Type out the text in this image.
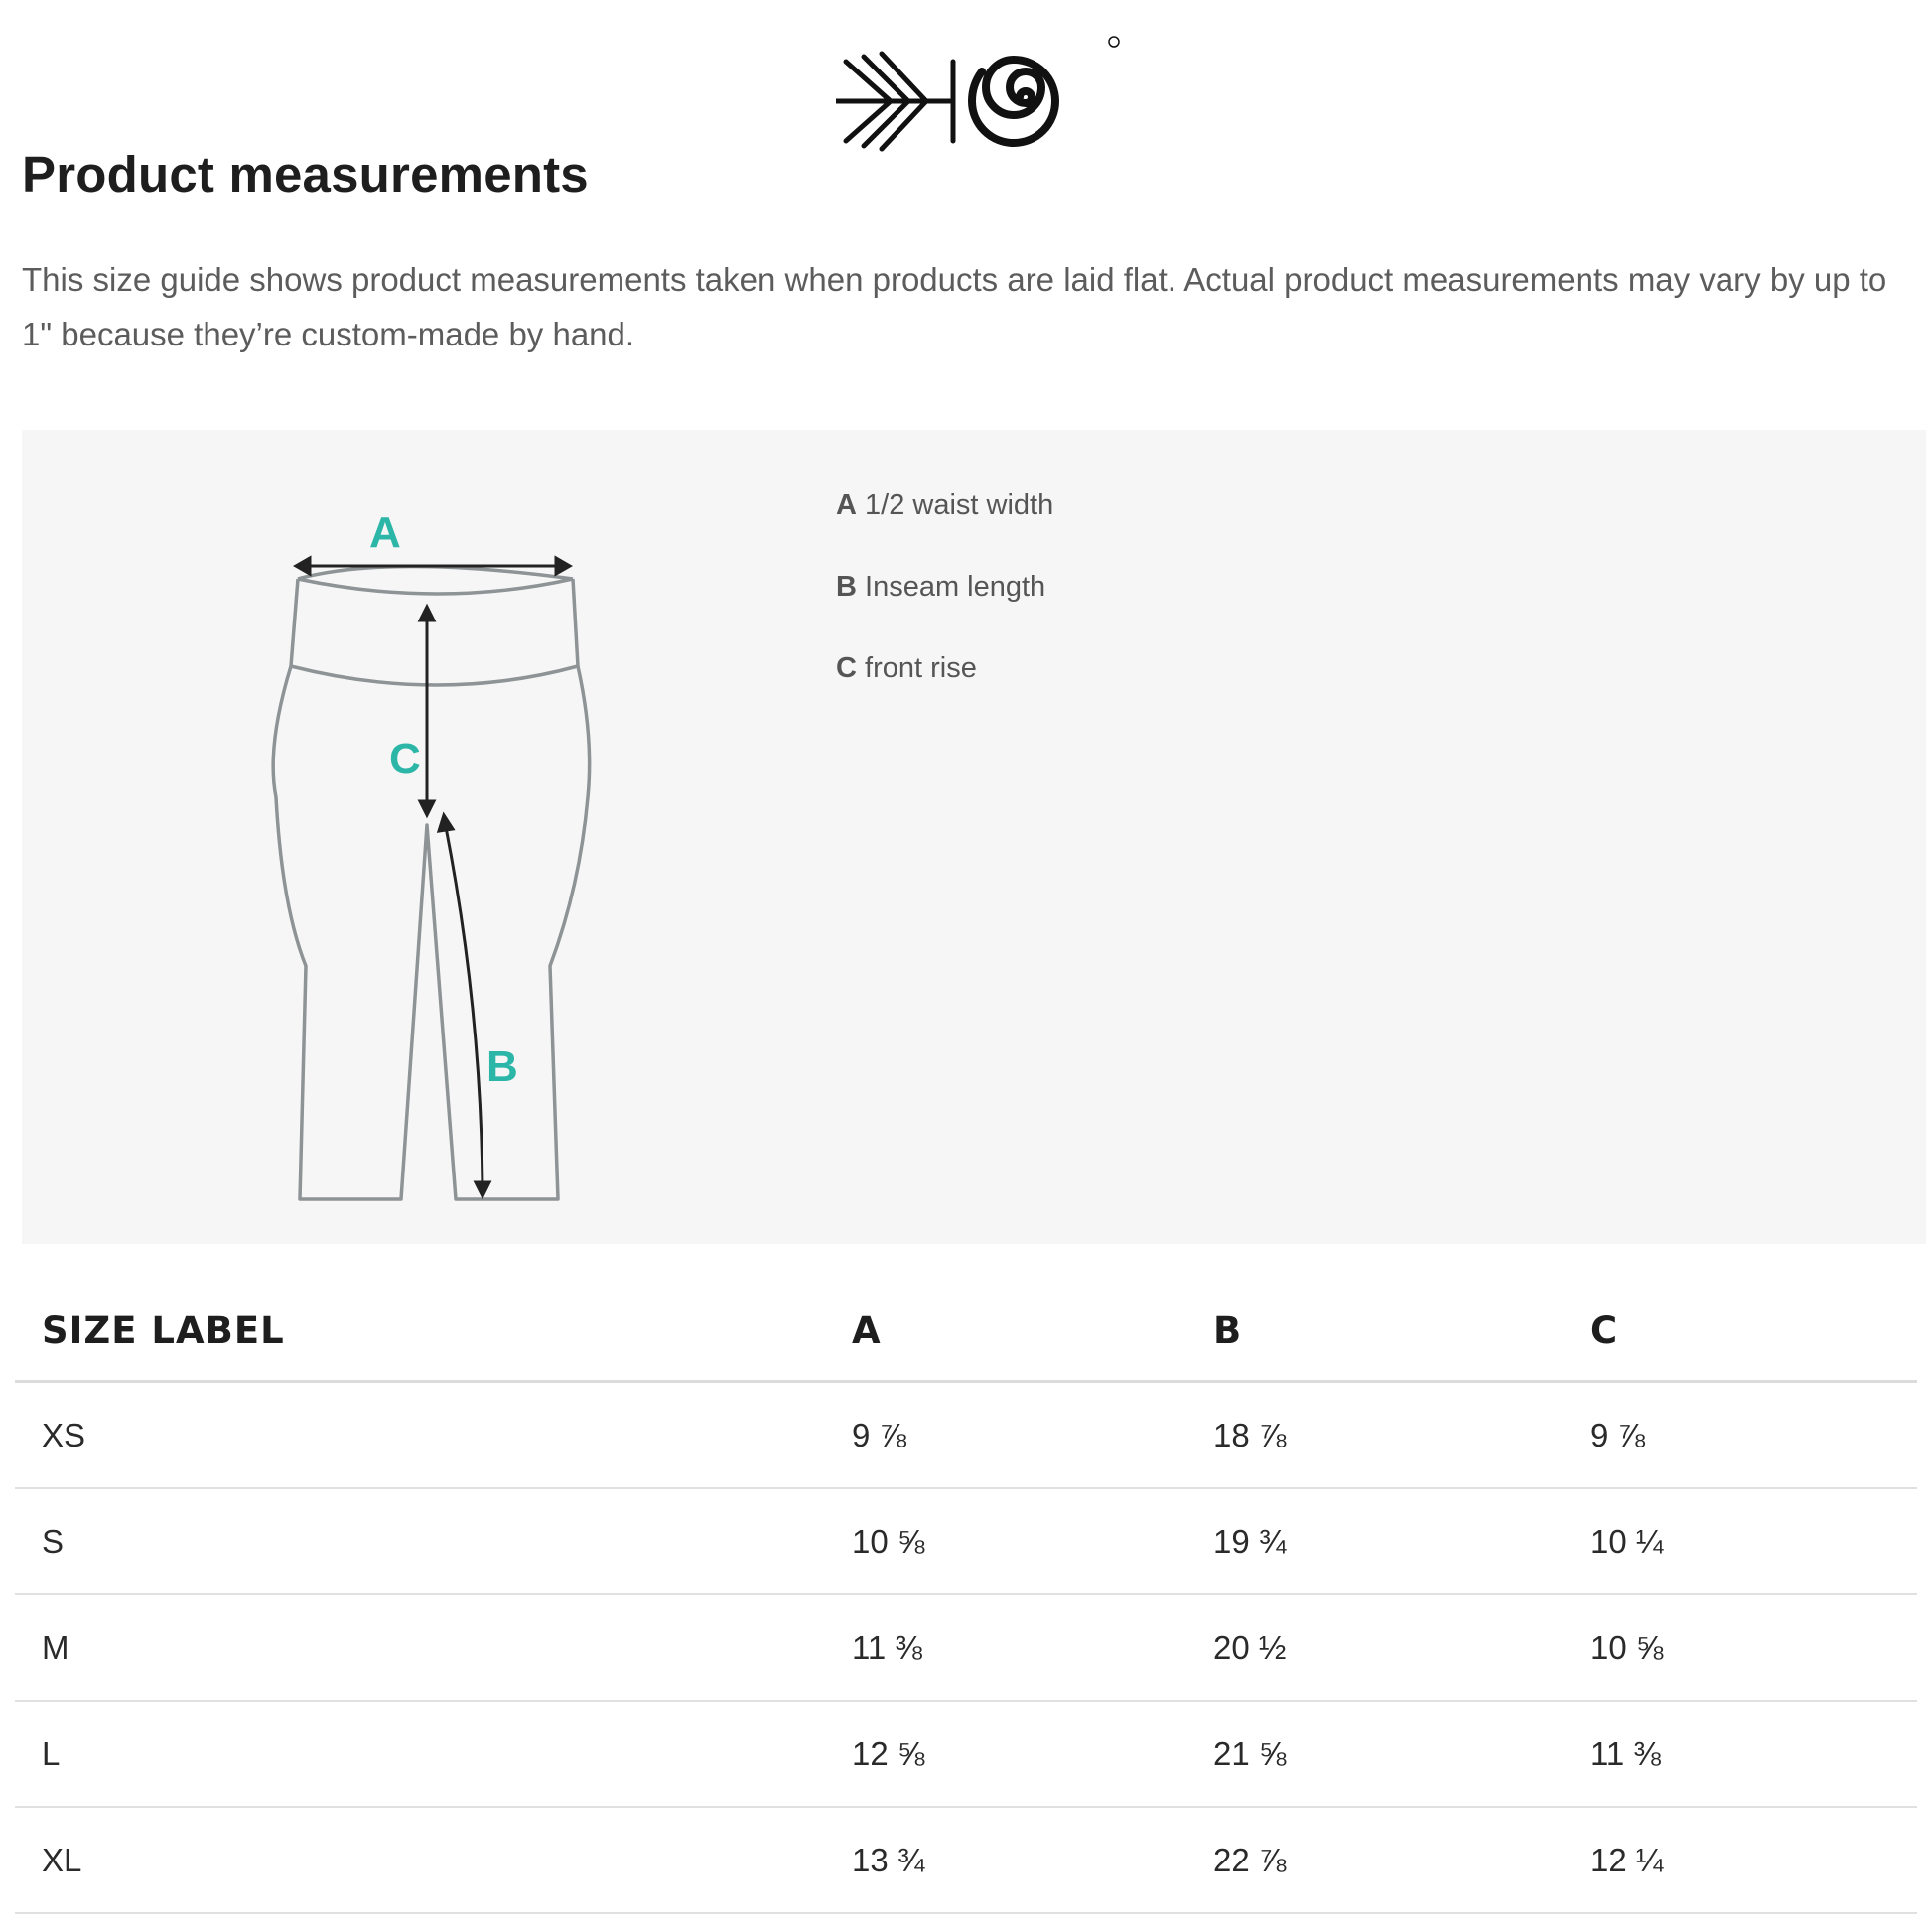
Product measurements

This size guide shows product measurements taken when products are laid flat. Actual product measurements may vary by up to 1" because they’re custom-made by hand.

A
C
B
A 1/2 waist width
B Inseam length
C front rise
SIZE LABEL	A	B	C
XS	9 ⅞	18 ⅞	9 ⅞
S	10 ⅝	19 ¾	10 ¼
M	11 ⅜	20 ½	10 ⅝
L	12 ⅝	21 ⅝	11 ⅜
XL	13 ¾	22 ⅞	12 ¼
